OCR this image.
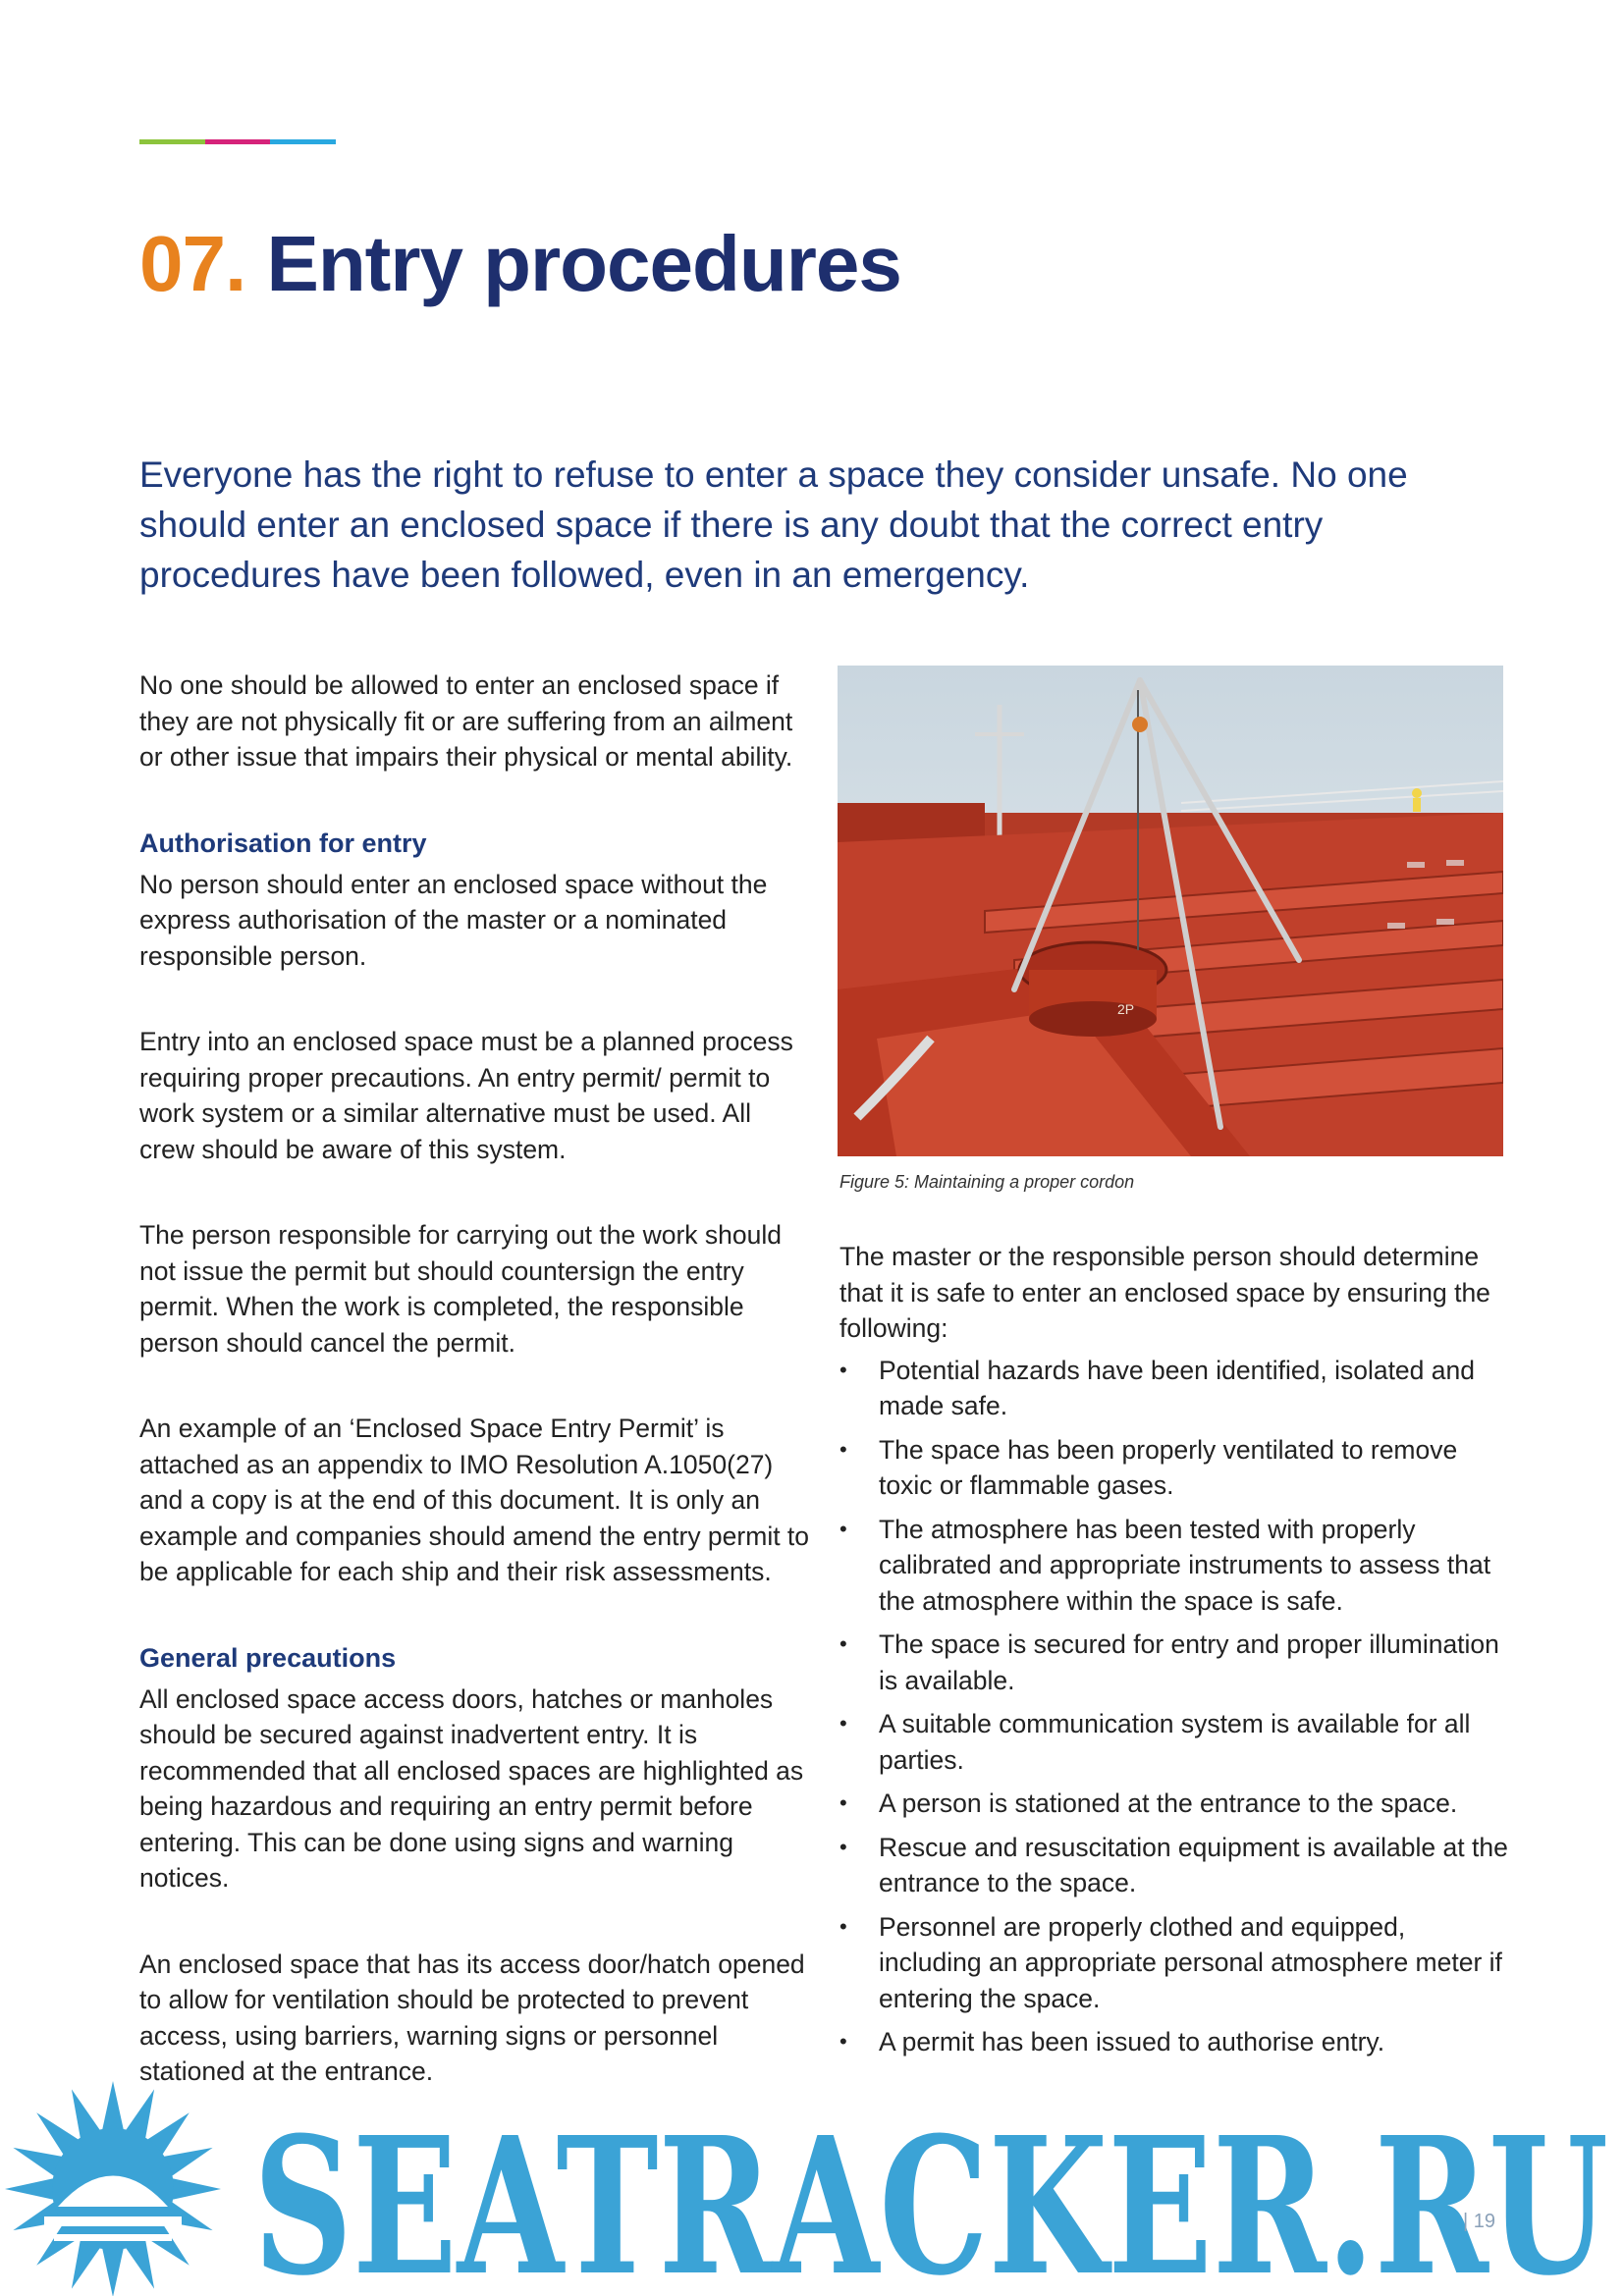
07. Entry procedures

Everyone has the right to refuse to enter a space they consider unsafe. No one should enter an enclosed space if there is any doubt that the correct entry procedures have been followed, even in an emergency.

No one should be allowed to enter an enclosed space if they are not physically fit or are suffering from an ailment or other issue that impairs their physical or mental ability.

Authorisation for entry

No person should enter an enclosed space without the express authorisation of the master or a nominated responsible person.

Entry into an enclosed space must be a planned process requiring proper precautions. An entry permit/ permit to work system or a similar alternative must be used. All crew should be aware of this system.

The person responsible for carrying out the work should not issue the permit but should countersign the entry permit. When the work is completed, the responsible person should cancel the permit.

An example of an ‘Enclosed Space Entry Permit’ is attached as an appendix to IMO Resolution A.1050(27) and a copy is at the end of this document. It is only an example and companies should amend the entry permit to be applicable for each ship and their risk assessments.

General precautions

All enclosed space access doors, hatches or manholes should be secured against inadvertent entry. It is recommended that all enclosed spaces are highlighted as being hazardous and requiring an entry permit before entering. This can be done using signs and warning notices.

An enclosed space that has its access door/hatch opened to allow for ventilation should be protected to prevent access, using barriers, warning signs or personnel stationed at the entrance.

2P
Figure 5: Maintaining a proper cordon

The master or the responsible person should determine that it is safe to enter an enclosed space by ensuring the following:

• Potential hazards have been identified, isolated and made safe.
• The space has been properly ventilated to remove toxic or flammable gases.
• The atmosphere has been tested with properly calibrated and appropriate instruments to assess that the atmosphere within the space is safe.
• The space is secured for entry and proper illumination is available.
• A suitable communication system is available for all parties.
• A person is stationed at the entrance to the space.
• Rescue and resuscitation equipment is available at the entrance to the space.
• Personnel are properly clothed and equipped, including an appropriate personal atmosphere meter if entering the space.
• A permit has been issued to authorise entry.
SEATRACKER.RU
| 19
